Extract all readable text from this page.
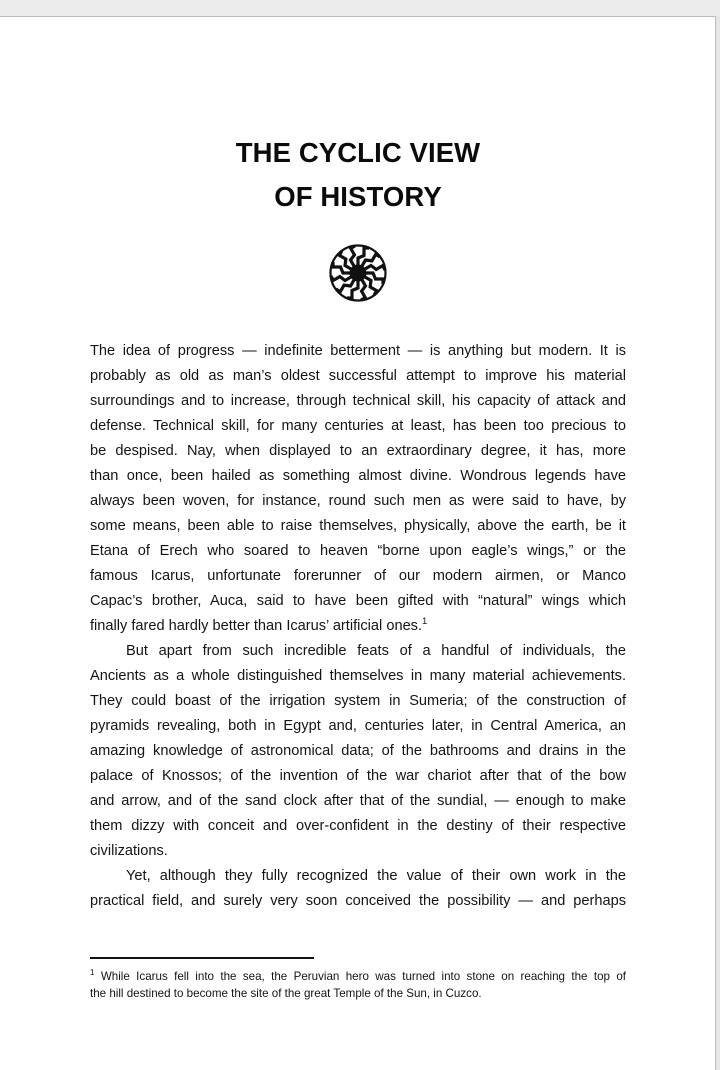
THE CYCLIC VIEW
OF HISTORY
The idea of progress — indefinite betterment — is anything but modern. It is
probably as old as man’s oldest successful attempt to improve his material
surroundings and to increase, through technical skill, his capacity of attack and
defense. Technical skill, for many centuries at least, has been too precious to
be despised. Nay, when displayed to an extraordinary degree, it has, more
than once, been hailed as something almost divine. Wondrous legends have
always been woven, for instance, round such men as were said to have, by
some means, been able to raise themselves, physically, above the earth, be it
Etana of Erech who soared to heaven “borne upon eagle’s wings,” or the
famous Icarus, unfortunate forerunner of our modern airmen, or Manco
Capac’s brother, Auca, said to have been gifted with “natural” wings which
finally fared hardly better than Icarus’ artificial ones.$^1$
But apart from such incredible feats of a handful of individuals, the
Ancients as a whole distinguished themselves in many material achievements.
They could boast of the irrigation system in Sumeria; of the construction of
pyramids revealing, both in Egypt and, centuries later, in Central America, an
amazing knowledge of astronomical data; of the bathrooms and drains in the
palace of Knossos; of the invention of the war chariot after that of the bow
and arrow, and of the sand clock after that of the sundial, — enough to make
them dizzy with conceit and over-confident in the destiny of their respective
civilizations.
Yet, although they fully recognized the value of their own work in the
practical field, and surely very soon conceived the possibility — and perhaps
$^1$ While Icarus fell into the sea, the Peruvian hero was turned into stone on reaching the top of
the hill destined to become the site of the great Temple of the Sun, in Cuzco.
